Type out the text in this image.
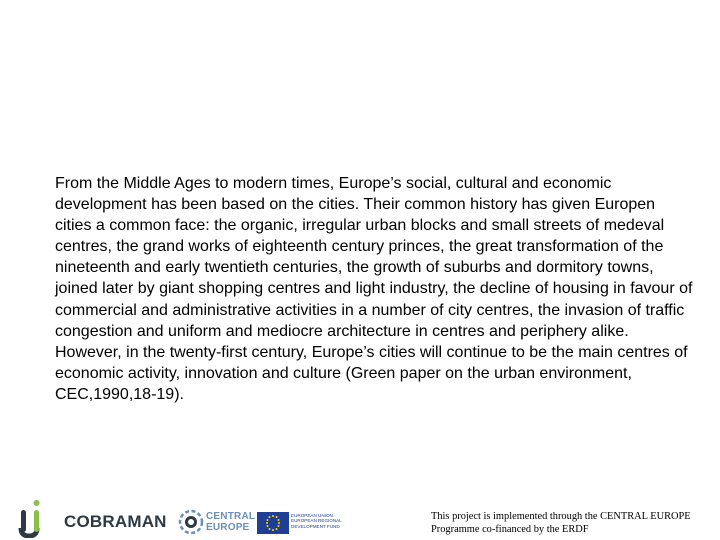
From the Middle Ages to modern times, Europe’s social, cultural and economic development has been based on the cities. Their common history has given Europen cities a common face: the organic, irregular urban blocks and small streets of medeval centres, the grand works of eighteenth century princes, the great transformation of the nineteenth and early twentieth centuries, the growth of suburbs and dormitory towns, joined later by giant shopping centres and light industry, the decline of housing in favour of commercial and administrative activities in a number of city centres, the invasion of traffic congestion and uniform and mediocre architecture in centres and periphery alike.

However, in the twenty-first century, Europe’s cities will continue to be the main centres of economic activity, innovation and culture (Green paper on the urban environment, CEC,1990,18-19).

COBRAMAN	CENTRAL
EUROPE
EUROPEAN UNION
EUROPEAN REGIONAL
DEVELOPMENT FUND
This project is implemented through the CENTRAL EUROPE
Programme co-financed by the ERDF
